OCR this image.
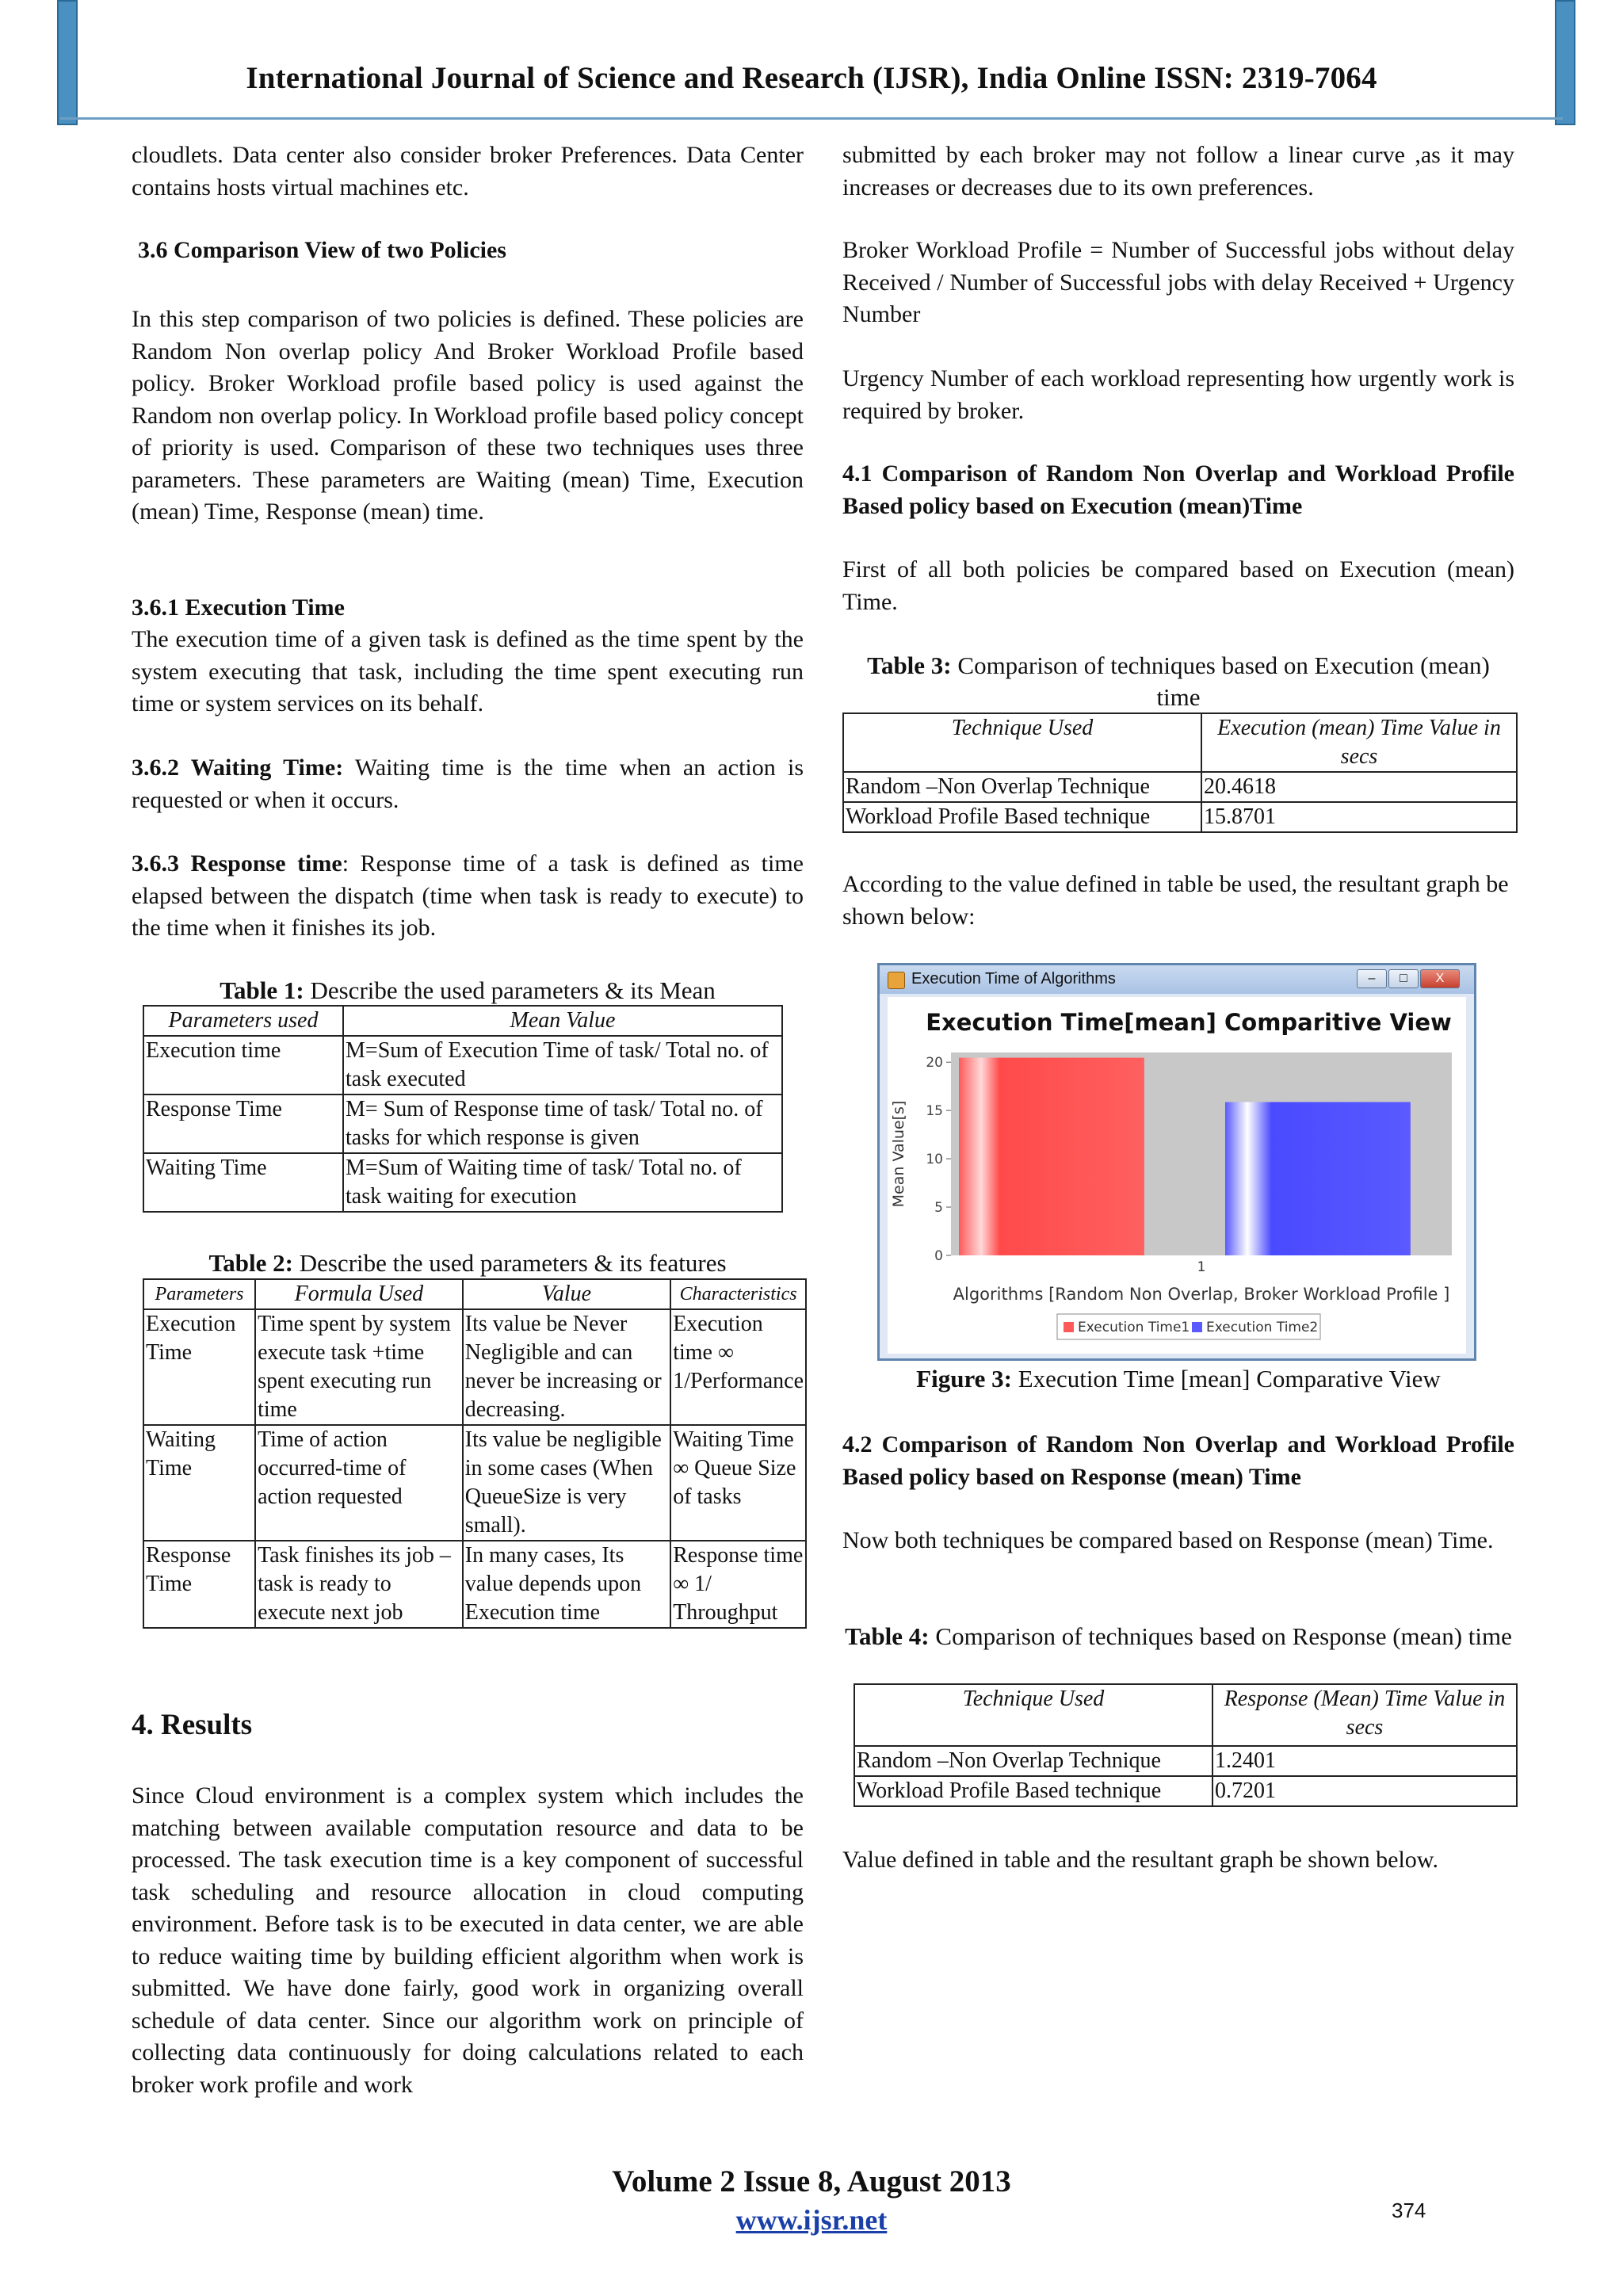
International Journal of Science and Research (IJSR), India Online ISSN: 2319-7064
cloudlets. Data center also consider broker Preferences. Data Center contains hosts virtual machines etc.
3.6 Comparison View of two Policies
In this step comparison of two policies is defined. These policies are Random Non overlap policy And Broker Workload Profile based policy. Broker Workload profile based policy is used against the Random non overlap policy. In Workload profile based policy concept of priority is used. Comparison of these two techniques uses three parameters. These parameters are Waiting (mean) Time, Execution (mean) Time, Response (mean) time.
3.6.1 Execution Time
The execution time of a given task is defined as the time spent by the system executing that task, including the time spent executing run time or system services on its behalf.
3.6.2 Waiting Time: Waiting time is the time when an action is requested or when it occurs.
3.6.3 Response time: Response time of a task is defined as time elapsed between the dispatch (time when task is ready to execute) to the time when it finishes its job.
Table 1: Describe the used parameters & its Mean
Parameters used	Mean Value
Execution time	M=Sum of Execution Time of task/ Total no. of task executed
Response Time	M= Sum of Response time of task/ Total no. of tasks for which response is given
Waiting Time	M=Sum of Waiting time of task/ Total no. of task waiting for execution
Table 2: Describe the used parameters & its features
Parameters	Formula Used	Value	Characteristics
Execution Time	Time spent by system execute task +time spent executing run time	Its value be Never Negligible and can never be increasing or decreasing.	Execution time ∞ 1/Performance
Waiting Time	Time of action occurred-time of action requested	Its value be negligible in some cases (When QueueSize is very small).	Waiting Time ∞ Queue Size of tasks
Response Time	Task finishes its job – task is ready to execute next job	In many cases, Its value depends upon Execution time	Response time ∞ 1/ Throughput
4. Results
Since Cloud environment is a complex system which includes the matching between available computation resource and data to be processed. The task execution time is a key component of successful task scheduling and resource allocation in cloud computing environment. Before task is to be executed in data center, we are able to reduce waiting time by building efficient algorithm when work is submitted. We have done fairly, good work in organizing overall schedule of data center. Since our algorithm work on principle of collecting data continuously for doing calculations related to each broker work profile and work
submitted by each broker may not follow a linear curve ,as it may increases or decreases due to its own preferences.
Broker Workload Profile = Number of Successful jobs without delay Received / Number of Successful jobs with delay Received + Urgency Number
Urgency Number of each workload representing how urgently work is required by broker.
4.1 Comparison of Random Non Overlap and Workload Profile Based policy based on Execution (mean)Time
First of all both policies be compared based on Execution (mean) Time.
Table 3: Comparison of techniques based on Execution (mean) time
Technique Used	Execution (mean) Time Value in secs
Random –Non Overlap Technique	20.4618
Workload Profile Based technique	15.8701
According to the value defined in table be used, the resultant graph be shown below:
Execution Time of Algorithms	–	□	X
Execution Time[mean] Comparitive View
0
5
10
15
20
Mean Value[s]
1
Algorithms [Random Non Overlap, Broker Workload Profile ]
Execution Time1 Execution Time2
Figure 3: Execution Time [mean] Comparative View
4.2 Comparison of Random Non Overlap and Workload Profile Based policy based on Response (mean) Time
Now both techniques be compared based on Response (mean) Time.
Table 4: Comparison of techniques based on Response (mean) time
Technique Used	Response (Mean) Time Value in secs
Random –Non Overlap Technique	1.2401
Workload Profile Based technique	0.7201
Value defined in table and the resultant graph be shown below.
Volume 2 Issue 8, August 2013
www.ijsr.net	374
